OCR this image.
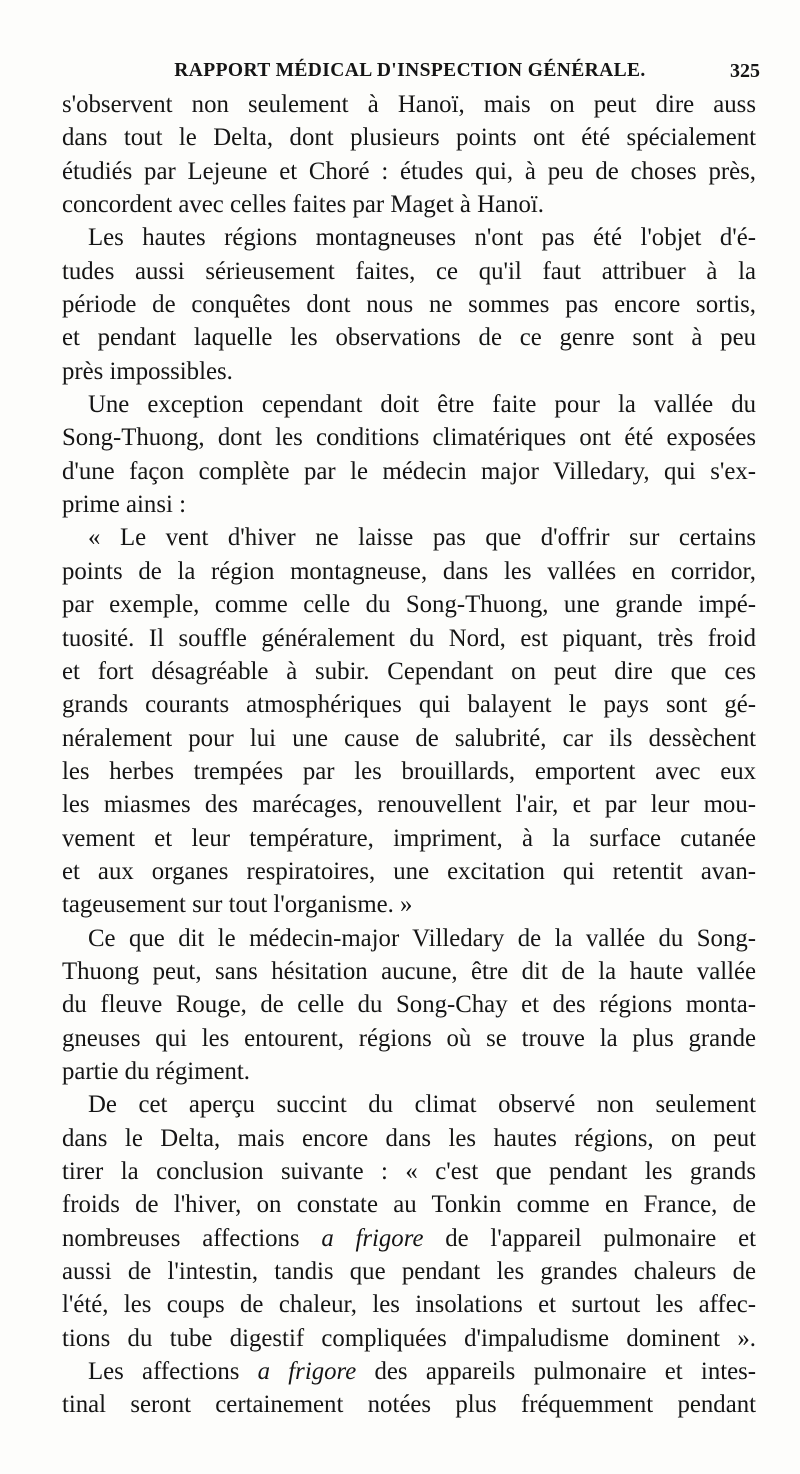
RAPPORT MÉDICAL D'INSPECTION GÉNÉRALE.	325
s'observent non seulement à Hanoï, mais on peut dire auss
dans tout le Delta, dont plusieurs points ont été spécialement
étudiés par Lejeune et Choré : études qui, à peu de choses près,
concordent avec celles faites par Maget à Hanoï.
Les hautes régions montagneuses n'ont pas été l'objet d'é-
tudes aussi sérieusement faites, ce qu'il faut attribuer à la
période de conquêtes dont nous ne sommes pas encore sortis,
et pendant laquelle les observations de ce genre sont à peu
près impossibles.
Une exception cependant doit être faite pour la vallée du
Song-Thuong, dont les conditions climatériques ont été exposées
d'une façon complète par le médecin major Villedary, qui s'ex-
prime ainsi :
« Le vent d'hiver ne laisse pas que d'offrir sur certains
points de la région montagneuse, dans les vallées en corridor,
par exemple, comme celle du Song-Thuong, une grande impé-
tuosité. Il souffle généralement du Nord, est piquant, très froid
et fort désagréable à subir. Cependant on peut dire que ces
grands courants atmosphériques qui balayent le pays sont gé-
néralement pour lui une cause de salubrité, car ils dessèchent
les herbes trempées par les brouillards, emportent avec eux
les miasmes des marécages, renouvellent l'air, et par leur mou-
vement et leur température, impriment, à la surface cutanée
et aux organes respiratoires, une excitation qui retentit avan-
tageusement sur tout l'organisme. »
Ce que dit le médecin-major Villedary de la vallée du Song-
Thuong peut, sans hésitation aucune, être dit de la haute vallée
du fleuve Rouge, de celle du Song-Chay et des régions monta-
gneuses qui les entourent, régions où se trouve la plus grande
partie du régiment.
De cet aperçu succint du climat observé non seulement
dans le Delta, mais encore dans les hautes régions, on peut
tirer la conclusion suivante : « c'est que pendant les grands
froids de l'hiver, on constate au Tonkin comme en France, de
nombreuses affections a frigore de l'appareil pulmonaire et
aussi de l'intestin, tandis que pendant les grandes chaleurs de
l'été, les coups de chaleur, les insolations et surtout les affec-
tions du tube digestif compliquées d'impaludisme dominent ».
Les affections a frigore des appareils pulmonaire et intes-
tinal seront certainement notées plus fréquemment pendant
